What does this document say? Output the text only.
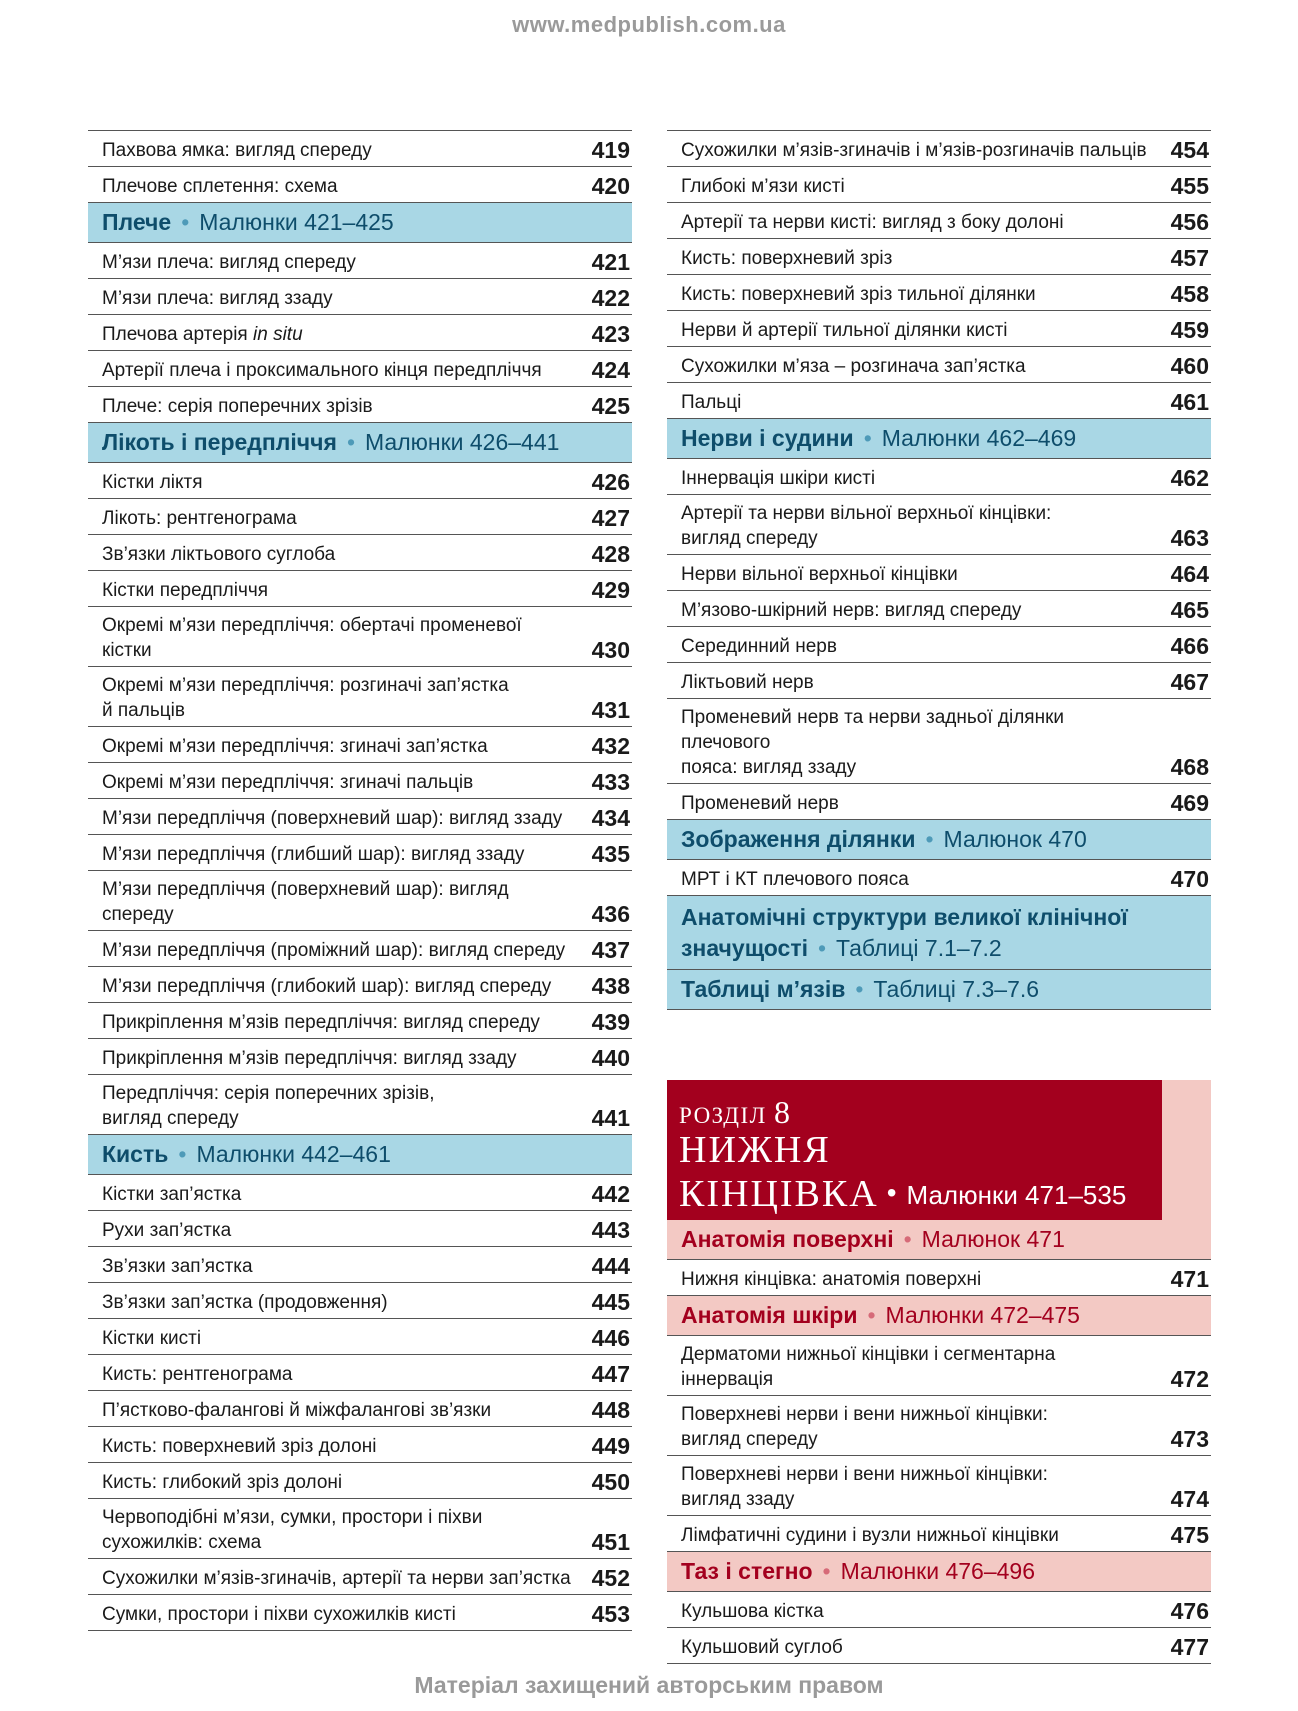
www.medpublish.com.ua
Пахвова ямка: вигляд спереду	419
Плечове сплетення: схема	420
Плече • Малюнки 421–425
М’язи плеча: вигляд спереду	421
М’язи плеча: вигляд ззаду	422
Плечова артерія in situ	423
Артерії плеча і проксимального кінця передпліччя 424
Плече: серія поперечних зрізів	425
Лікоть і передпліччя • Малюнки 426–441
Кістки ліктя	426
Лікоть: рентгенограма	427
Зв’язки ліктьового суглоба	428
Кістки передпліччя	429
Окремі м’язи передпліччя: обертачі променевої кістки	430
Окремі м’язи передпліччя: розгиначі зап’ястка
й пальців	431
Окремі м’язи передпліччя: згиначі зап’ястка	432
Окремі м’язи передпліччя: згиначі пальців	433
М’язи передпліччя (поверхневий шар): вигляд ззаду 434
М’язи передпліччя (глибший шар): вигляд ззаду	435
М’язи передпліччя (поверхневий шар): вигляд
спереду	436
М’язи передпліччя (проміжний шар): вигляд спереду 437
М’язи передпліччя (глибокий шар): вигляд спереду 438
Прикріплення м’язів передпліччя: вигляд спереду 439
Прикріплення м’язів передпліччя: вигляд ззаду	440
Передпліччя: серія поперечних зрізів,
вигляд спереду	441
Кисть • Малюнки 442–461
Кістки зап’ястка	442
Рухи зап’ястка	443
Зв’язки зап’ястка	444
Зв’язки зап’ястка (продовження)	445
Кістки кисті	446
Кисть: рентгенограма	447
П’ястково-фалангові й міжфалангові зв’язки	448
Кисть: поверхневий зріз долоні	449
Кисть: глибокий зріз долоні	450
Червоподібні м’язи, сумки, простори і піхви
сухожилків: схема	451
Сухожилки м’язів-згиначів, артерії та нерви зап’ястка 452
Сумки, простори і піхви сухожилків кисті	453
Сухожилки м’язів-згиначів і м’язів-розгиначів пальців 454
Глибокі м’язи кисті	455
Артерії та нерви кисті: вигляд з боку долоні	456
Кисть: поверхневий зріз	457
Кисть: поверхневий зріз тильної ділянки	458
Нерви й артерії тильної ділянки кисті	459
Сухожилки м’яза – розгинача зап’ястка	460
Пальці	461
Нерви і судини • Малюнки 462–469
Іннервація шкіри кисті	462
Артерії та нерви вільної верхньої кінцівки:
вигляд спереду	463
Нерви вільної верхньої кінцівки	464
М’язово-шкірний нерв: вигляд спереду	465
Серединний нерв	466
Ліктьовий нерв	467
Променевий нерв та нерви задньої ділянки плечового
пояса: вигляд ззаду	468
Променевий нерв	469
Зображення ділянки • Малюнок 470
МРТ і КТ плечового пояса	470
Анатомічні структури великої клінічної
значущості • Таблиці 7.1–7.2
Таблиці м’язів • Таблиці 7.3–7.6
РОЗДІЛ 8
НИЖНЯ
КІНЦІВКА • Малюнки 471–535
Анатомія поверхні • Малюнок 471
Нижня кінцівка: анатомія поверхні	471
Анатомія шкіри • Малюнки 472–475
Дерматоми нижньої кінцівки і сегментарна іннервація	472
Поверхневі нерви і вени нижньої кінцівки:
вигляд спереду	473
Поверхневі нерви і вени нижньої кінцівки:
вигляд ззаду	474
Лімфатичні судини і вузли нижньої кінцівки	475
Таз і стегно • Малюнки 476–496
Кульшова кістка	476
Кульшовий суглоб	477
Матеріал захищений авторським правом
